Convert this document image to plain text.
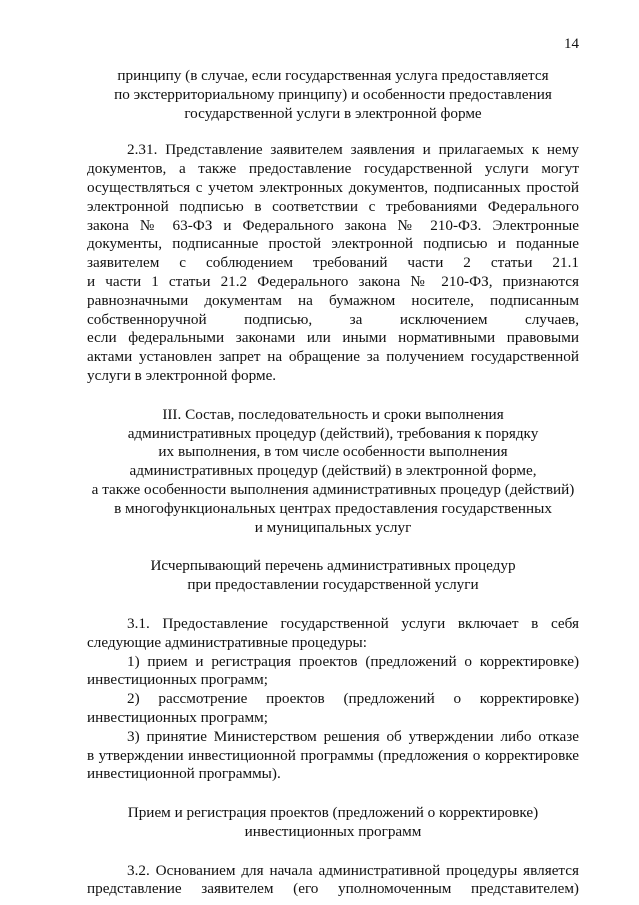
14
принципу (в случае, если государственная услуга предоставляется
по экстерриториальному принципу) и особенности предоставления
государственной услуги в электронной форме
2.31. Представление заявителем заявления и прилагаемых к нему
документов, а также предоставление государственной услуги могут
осуществляться с учетом электронных документов, подписанных простой
электронной подписью в соответствии с требованиями Федерального
закона № 63-ФЗ и Федерального закона № 210-ФЗ. Электронные
документы, подписанные простой электронной подписью и поданные
заявителем с соблюдением требований части 2 статьи 21.1
и части 1 статьи 21.2 Федерального закона № 210-ФЗ, признаются
равнозначными документам на бумажном носителе, подписанным
собственноручной подписью, за исключением случаев,
если федеральными законами или иными нормативными правовыми
актами установлен запрет на обращение за получением государственной
услуги в электронной форме.
III. Состав, последовательность и сроки выполнения
административных процедур (действий), требования к порядку
их выполнения, в том числе особенности выполнения
административных процедур (действий) в электронной форме,
а также особенности выполнения административных процедур (действий)
в многофункциональных центрах предоставления государственных
и муниципальных услуг
Исчерпывающий перечень административных процедур
при предоставлении государственной услуги
3.1. Предоставление государственной услуги включает в себя
следующие административные процедуры:
1) прием и регистрация проектов (предложений о корректировке)
инвестиционных программ;
2) рассмотрение проектов (предложений о корректировке)
инвестиционных программ;
3) принятие Министерством решения об утверждении либо отказе
в утверждении инвестиционной программы (предложения о корректировке
инвестиционной программы).
Прием и регистрация проектов (предложений о корректировке)
инвестиционных программ
3.2. Основанием для начала административной процедуры является
представление заявителем (его уполномоченным представителем)
